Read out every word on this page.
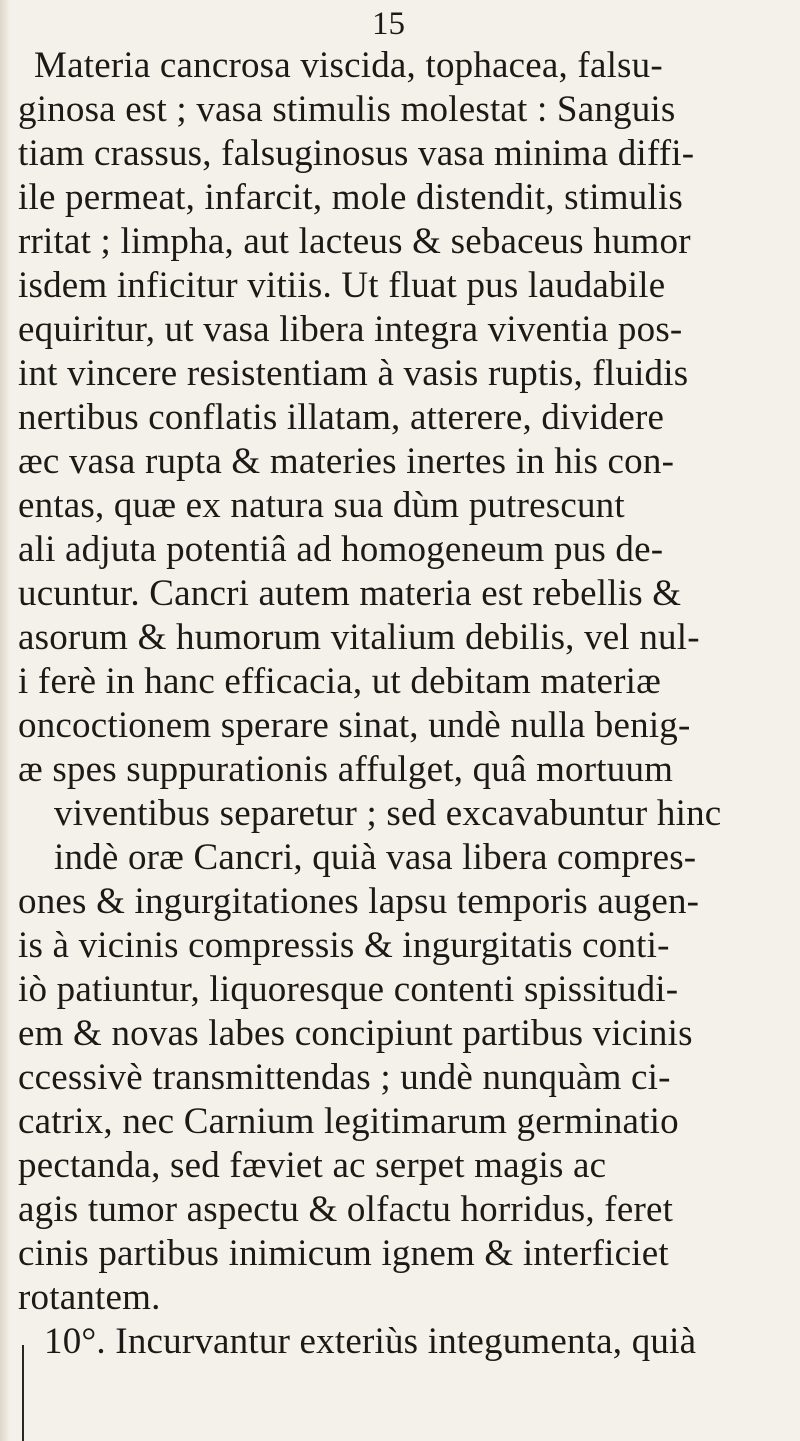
15
Materia cancrosa viscida, tophacea, falsu-
ginosa est ; vasa stimulis molestat : Sanguis
tiam crassus, falsuginosus vasa minima diffi-
ile permeat, infarcit, mole distendit, stimulis
rritat ; limpha, aut lacteus & sebaceus humor
isdem inficitur vitiis. Ut fluat pus laudabile
equiritur, ut vasa libera integra viventia pos-
int vincere resistentiam à vasis ruptis, fluidis
nertibus conflatis illatam, atterere, dividere
æc vasa rupta & materies inertes in his con-
entas, quæ ex natura sua dùm putrescunt
ali adjuta potentiâ ad homogeneum pus de-
ucuntur. Cancri autem materia est rebellis &
asorum & humorum vitalium debilis, vel nul-
i ferè in hanc efficacia, ut debitam materiæ
oncoctionem sperare sinat, undè nulla benig-
æ spes suppurationis affulget, quâ mortuum
viventibus separetur ; sed excavabuntur hinc
indè oræ Cancri, quià vasa libera compres-
ones & ingurgitationes lapsu temporis augen-
is à vicinis compressis & ingurgitatis conti-
iò patiuntur, liquoresque contenti spissitudi-
em & novas labes concipiunt partibus vicinis
ccessivè transmittendas ; undè nunquàm ci-
catrix, nec Carnium legitimarum germinatio
pectanda, sed fæviet ac serpet magis ac
agis tumor aspectu & olfactu horridus, feret
cinis partibus inimicum ignem & interficiet
rotantem.
10°. Incurvantur exteriùs integumenta, quià
